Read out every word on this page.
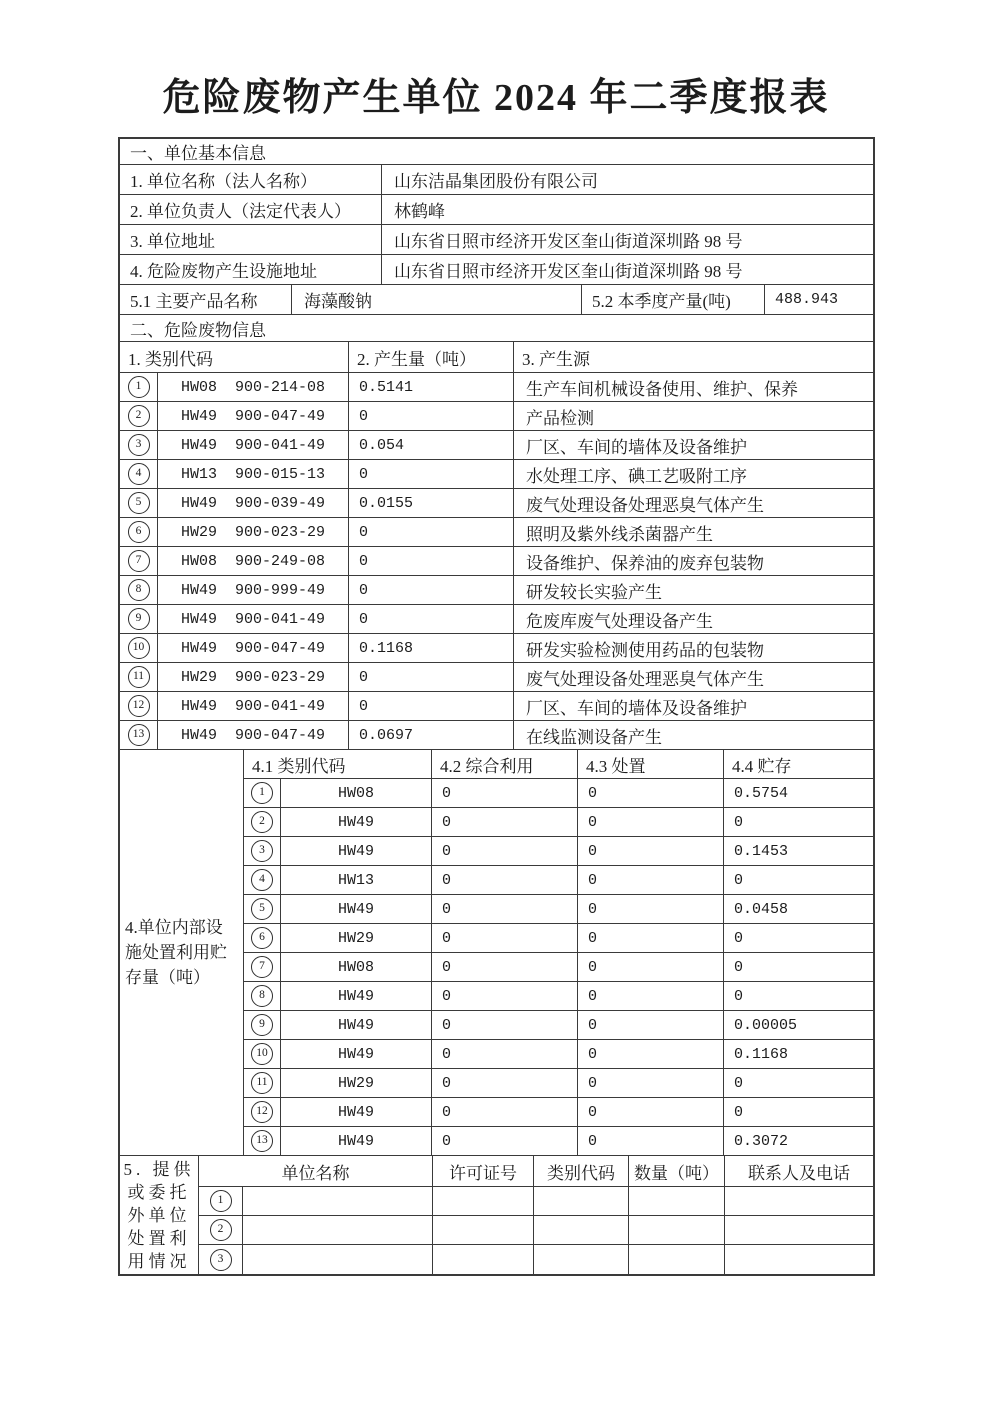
危险废物产生单位 2024 年二季度报表
一、单位基本信息
1. 单位名称（法人名称）	山东洁晶集团股份有限公司
2. 单位负责人（法定代表人）	林鹤峰
3. 单位地址	山东省日照市经济开发区奎山街道深圳路 98 号
4. 危险废物产生设施地址	山东省日照市经济开发区奎山街道深圳路 98 号
5.1 主要产品名称	海藻酸钠	5.2 本季度产量(吨)	488.943
二、危险废物信息
1. 类别代码	2. 产生量（吨）	3. 产生源
1	HW08 900-214-08	0.5141	生产车间机械设备使用、维护、保养
2	HW49 900-047-49	0	产品检测
3	HW49 900-041-49	0.054	厂区、车间的墙体及设备维护
4	HW13 900-015-13	0	水处理工序、碘工艺吸附工序
5	HW49 900-039-49	0.0155	废气处理设备处理恶臭气体产生
6	HW29 900-023-29	0	照明及紫外线杀菌器产生
7	HW08 900-249-08	0	设备维护、保养油的废弃包装物
8	HW49 900-999-49	0	研发较长实验产生
9	HW49 900-041-49	0	危废库废气处理设备产生
10	HW49 900-047-49	0.1168	研发实验检测使用药品的包装物
11	HW29 900-023-29	0	废气处理设备处理恶臭气体产生
12	HW49 900-041-49	0	厂区、车间的墙体及设备维护
13	HW49 900-047-49	0.0697	在线监测设备产生
4.单位内部设施处置利用贮存量（吨）
4.1 类别代码	4.2 综合利用	4.3 处置	4.4 贮存
1	HW08	0	0	0.5754
2	HW49	0	0	0
3	HW49	0	0	0.1453
4	HW13	0	0	0
5	HW49	0	0	0.0458
6	HW29	0	0	0
7	HW08	0	0	0
8	HW49	0	0	0
9	HW49	0	0	0.00005
10	HW49	0	0	0.1168
11	HW29	0	0	0
12	HW49	0	0	0
13	HW49	0	0	0.3072
5. 提供
或委托
外单位
处置利
用情况
单位名称	许可证号	类别代码	数量（吨）	联系人及电话
1
2
3
